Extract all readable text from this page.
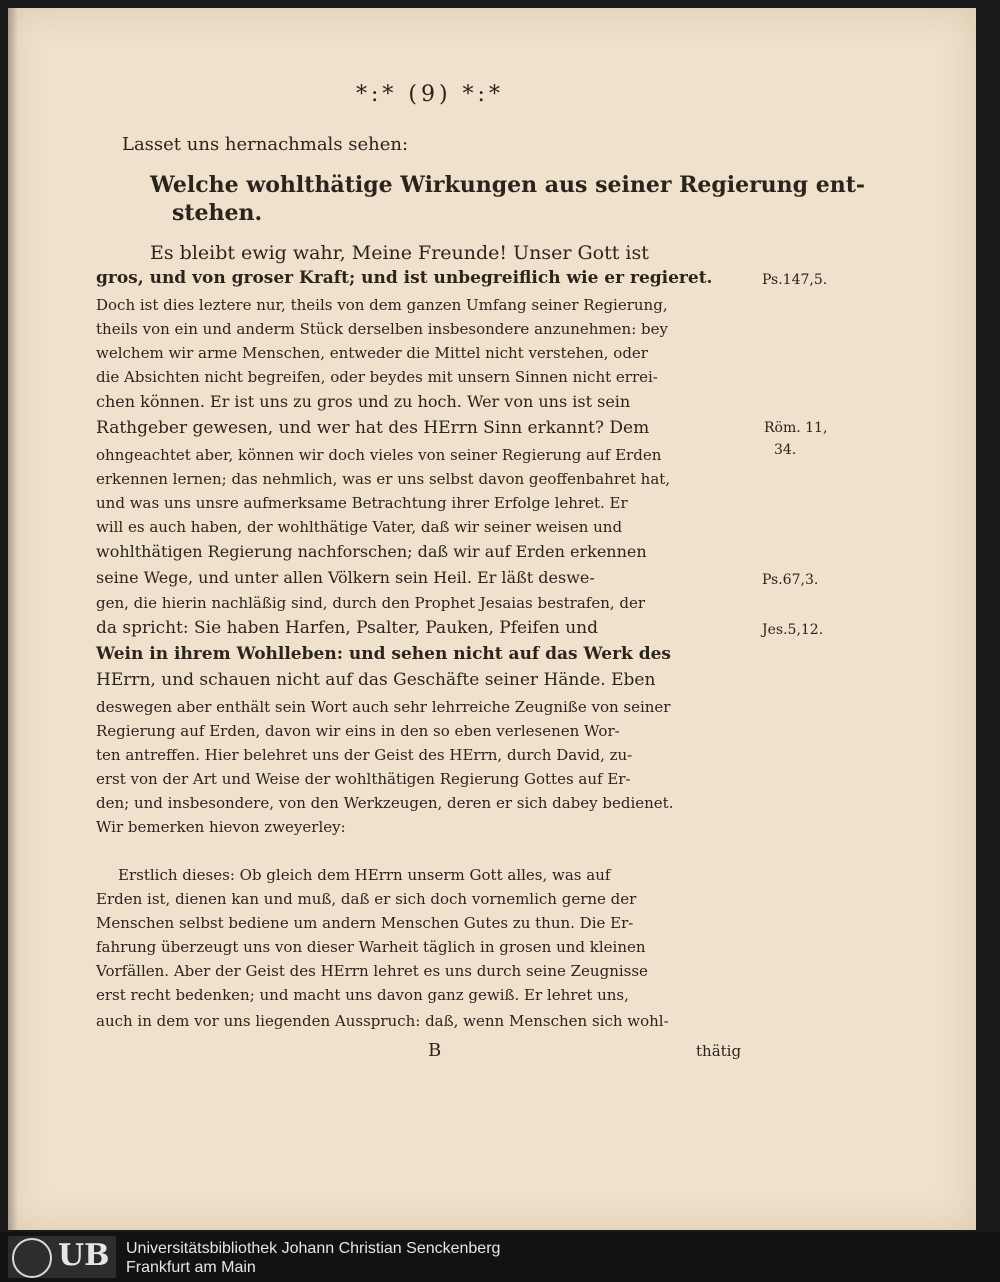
*:* (9) *:*
Lasset uns hernachmals sehen:
Welche wohlthätige Wirkungen aus seiner Regierung ent-
stehen.
Es bleibt ewig wahr, Meine Freunde! Unser Gott ist
gros, und von groser Kraft; und ist unbegreiflich wie er regieret.
Doch ist dies leztere nur, theils von dem ganzen Umfang seiner Regierung,
theils von ein und anderm Stück derselben insbesondere anzunehmen: bey
welchem wir arme Menschen, entweder die Mittel nicht verstehen, oder
die Absichten nicht begreifen, oder beydes mit unsern Sinnen nicht errei-
chen können. Er ist uns zu gros und zu hoch. Wer von uns ist sein
Rathgeber gewesen, und wer hat des HErrn Sinn erkannt? Dem
ohngeachtet aber, können wir doch vieles von seiner Regierung auf Erden
erkennen lernen; das nehmlich, was er uns selbst davon geoffenbahret hat,
und was uns unsre aufmerksame Betrachtung ihrer Erfolge lehret. Er
will es auch haben, der wohlthätige Vater, daß wir seiner weisen und
wohlthätigen Regierung nachforschen; daß wir auf Erden erkennen
seine Wege, und unter allen Völkern sein Heil. Er läßt deswe-
gen, die hierin nachläßig sind, durch den Prophet Jesaias bestrafen, der
da spricht: Sie haben Harfen, Psalter, Pauken, Pfeifen und
Wein in ihrem Wohlleben: und sehen nicht auf das Werk des
HErrn, und schauen nicht auf das Geschäfte seiner Hände. Eben
deswegen aber enthält sein Wort auch sehr lehrreiche Zeugniße von seiner
Regierung auf Erden, davon wir eins in den so eben verlesenen Wor-
ten antreffen. Hier belehret uns der Geist des HErrn, durch David, zu-
erst von der Art und Weise der wohlthätigen Regierung Gottes auf Er-
den; und insbesondere, von den Werkzeugen, deren er sich dabey bedienet.
Wir bemerken hievon zweyerley:
Erstlich dieses: Ob gleich dem HErrn unserm Gott alles, was auf
Erden ist, dienen kan und muß, daß er sich doch vornemlich gerne der
Menschen selbst bediene um andern Menschen Gutes zu thun. Die Er-
fahrung überzeugt uns von dieser Warheit täglich in grosen und kleinen
Vorfällen. Aber der Geist des HErrn lehret es uns durch seine Zeugnisse
erst recht bedenken; und macht uns davon ganz gewiß. Er lehret uns,
auch in dem vor uns liegenden Ausspruch: daß, wenn Menschen sich wohl-
Ps.147,5.
Röm. 11,
34.
Ps.67,3.
Jes.5,12.
B	thätig
UB Universitätsbibliothek Johann Christian Senckenberg
Frankfurt am Main
